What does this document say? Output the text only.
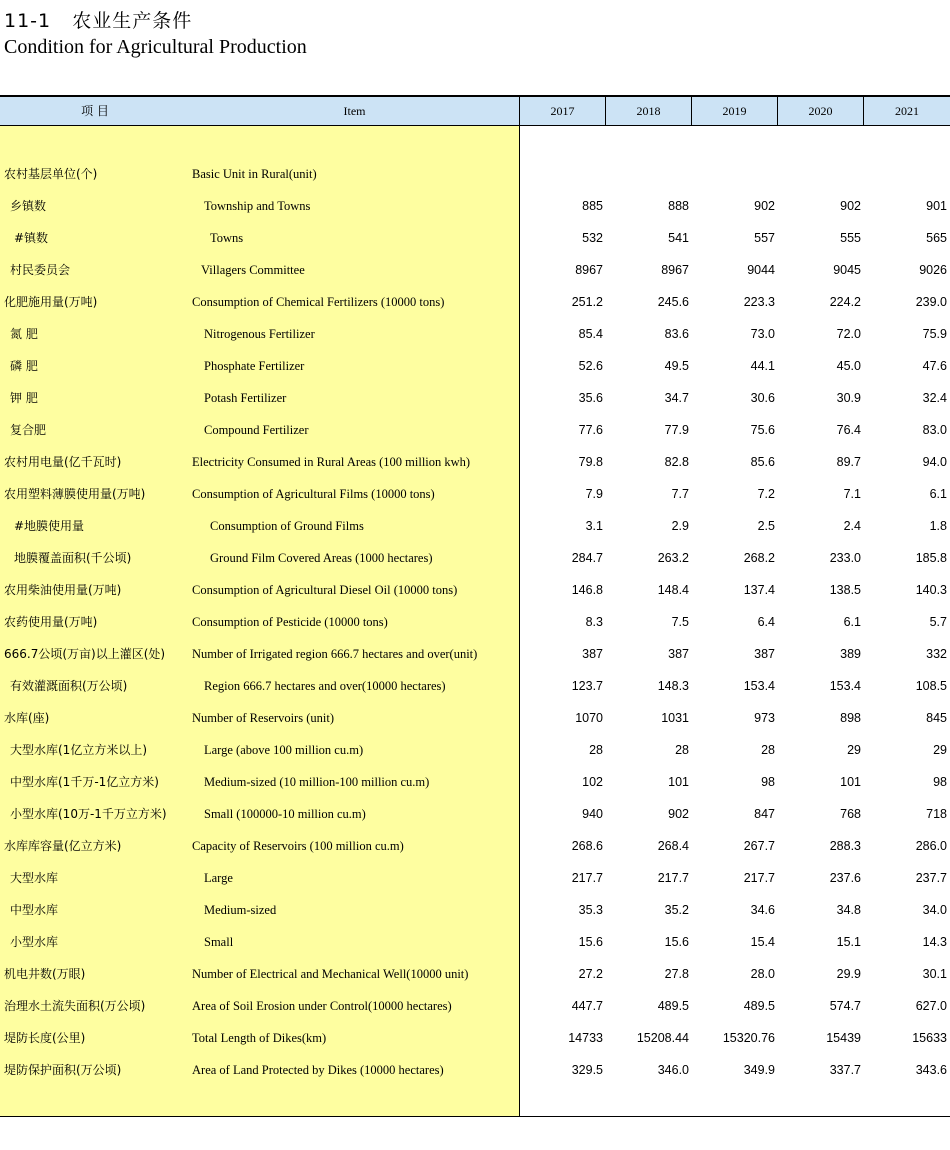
11-1 农业生产条件
Condition for Agricultural Production
项 目	Item	2017	2018	2019	2020	2021
农村基层单位(个)	Basic Unit in Rural(unit)
乡镇数	Township and Towns	885	888	902	902	901
#镇数	Towns	532	541	557	555	565
村民委员会	Villagers Committee	8967	8967	9044	9045	9026
化肥施用量(万吨)	Consumption of Chemical Fertilizers (10000 tons)	251.2	245.6	223.3	224.2	239.0
氮 肥	Nitrogenous Fertilizer	85.4	83.6	73.0	72.0	75.9
磷 肥	Phosphate Fertilizer	52.6	49.5	44.1	45.0	47.6
钾 肥	Potash Fertilizer	35.6	34.7	30.6	30.9	32.4
复合肥	Compound Fertilizer	77.6	77.9	75.6	76.4	83.0
农村用电量(亿千瓦时)	Electricity Consumed in Rural Areas (100 million kwh)	79.8	82.8	85.6	89.7	94.0
农用塑料薄膜使用量(万吨)	Consumption of Agricultural Films (10000 tons)	7.9	7.7	7.2	7.1	6.1
#地膜使用量	Consumption of Ground Films	3.1	2.9	2.5	2.4	1.8
地膜覆盖面积(千公顷)	Ground Film Covered Areas (1000 hectares)	284.7	263.2	268.2	233.0	185.8
农用柴油使用量(万吨)	Consumption of Agricultural Diesel Oil (10000 tons)	146.8	148.4	137.4	138.5	140.3
农药使用量(万吨)	Consumption of Pesticide (10000 tons)	8.3	7.5	6.4	6.1	5.7
666.7公顷(万亩)以上灌区(处) Number of Irrigated region 666.7 hectares and over(unit)	387	387	387	389	332
有效灌溉面积(万公顷)	Region 666.7 hectares and over(10000 hectares)	123.7	148.3	153.4	153.4	108.5
水库(座)	Number of Reservoirs (unit)	1070	1031	973	898	845
大型水库(1亿立方米以上)	Large (above 100 million cu.m)	28	28	28	29	29
中型水库(1千万-1亿立方米)	Medium-sized (10 million-100 million cu.m)	102	101	98	101	98
小型水库(10万-1千万立方米)	Small (100000-10 million cu.m)	940	902	847	768	718
水库库容量(亿立方米)	Capacity of Reservoirs (100 million cu.m)	268.6	268.4	267.7	288.3	286.0
大型水库	Large	217.7	217.7	217.7	237.6	237.7
中型水库	Medium-sized	35.3	35.2	34.6	34.8	34.0
小型水库	Small	15.6	15.6	15.4	15.1	14.3
机电井数(万眼)	Number of Electrical and Mechanical Well(10000 unit)	27.2	27.8	28.0	29.9	30.1
治理水土流失面积(万公顷)	Area of Soil Erosion under Control(10000 hectares)	447.7	489.5	489.5	574.7	627.0
堤防长度(公里)	Total Length of Dikes(km)	14733	15208.44	15320.76	15439	15633
堤防保护面积(万公顷)	Area of Land Protected by Dikes (10000 hectares)	329.5	346.0	349.9	337.7	343.6
